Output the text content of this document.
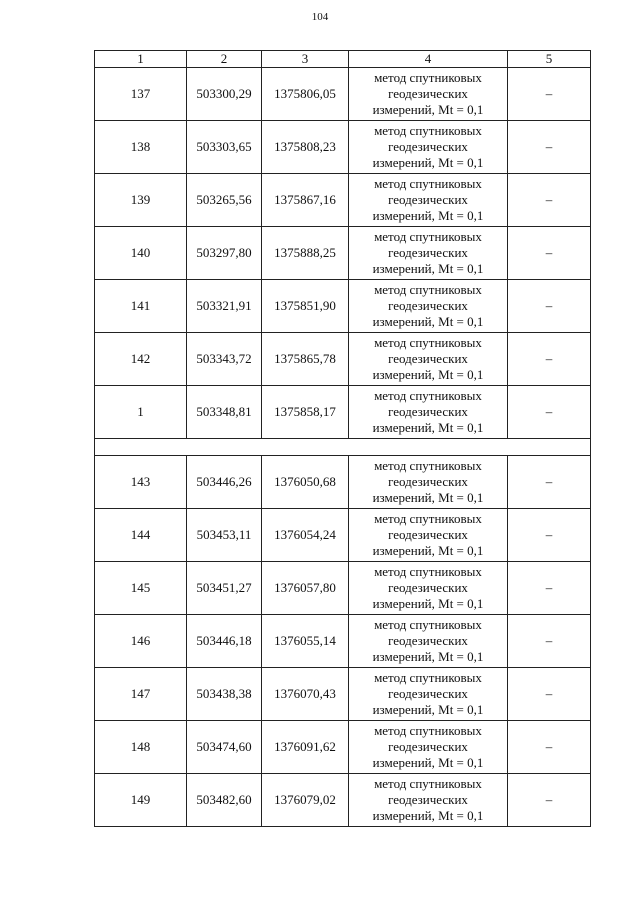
104
1	2	3	4	5
137	503300,29	1375806,05	метод спутниковых
геодезических
измерений, Mt = 0,1	–
138	503303,65	1375808,23	метод спутниковых
геодезических
измерений, Mt = 0,1	–
139	503265,56	1375867,16	метод спутниковых
геодезических
измерений, Mt = 0,1	–
140	503297,80	1375888,25	метод спутниковых
геодезических
измерений, Mt = 0,1	–
141	503321,91	1375851,90	метод спутниковых
геодезических
измерений, Mt = 0,1	–
142	503343,72	1375865,78	метод спутниковых
геодезических
измерений, Mt = 0,1	–
1	503348,81	1375858,17	метод спутниковых
геодезических
измерений, Mt = 0,1	–

143	503446,26	1376050,68	метод спутниковых
геодезических
измерений, Mt = 0,1	–
144	503453,11	1376054,24	метод спутниковых
геодезических
измерений, Mt = 0,1	–
145	503451,27	1376057,80	метод спутниковых
геодезических
измерений, Mt = 0,1	–
146	503446,18	1376055,14	метод спутниковых
геодезических
измерений, Mt = 0,1	–
147	503438,38	1376070,43	метод спутниковых
геодезических
измерений, Mt = 0,1	–
148	503474,60	1376091,62	метод спутниковых
геодезических
измерений, Mt = 0,1	–
149	503482,60	1376079,02	метод спутниковых
геодезических
измерений, Mt = 0,1	–
